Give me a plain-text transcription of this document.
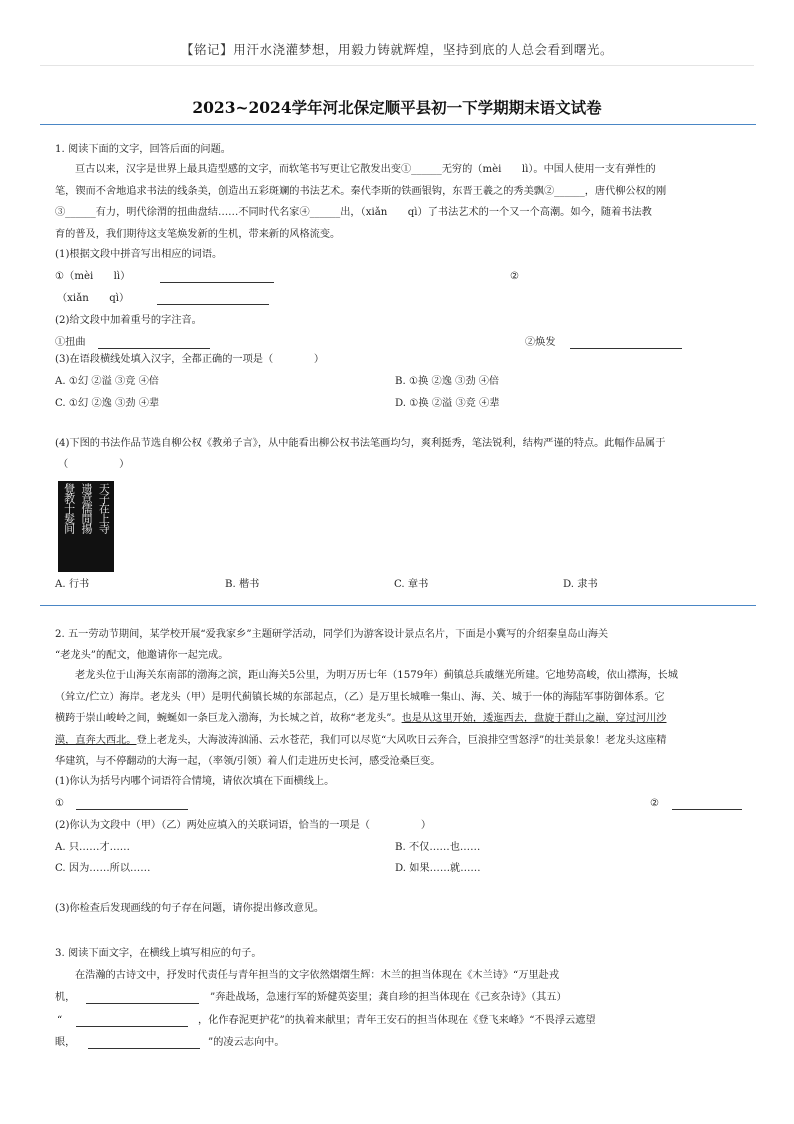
【铭记】用汗水浇灌梦想，用毅力铸就辉煌，坚持到底的人总会看到曙光。
2023~2024学年河北保定顺平县初一下学期期末语文试卷
1. 阅读下面的文字，回答后面的问题。
亘古以来，汉字是世界上最具造型感的文字，而软笔书写更让它散发出变①______无穷的（mèi　　lì）。中国人使用一支有弹性的
笔，锲而不舍地追求书法的线条美，创造出五彩斑斓的书法艺术。秦代李斯的铁画银钩，东晋王羲之的秀美飘②______，唐代柳公权的刚
③______有力，明代徐渭的扭曲盘结……不同时代名家④______出，（xiǎn　　qì）了书法艺术的一个又一个高潮。如今，随着书法教
育的普及，我们期待这支笔焕发新的生机，带来新的风格流变。
(1)根据文段中拼音写出相应的词语。
①（mèi　　lì）	②
（xiǎn　　qì）
(2)给文段中加着重号的字注音。
①扭曲	②焕发
(3)在语段横线处填入汉字，全都正确的一项是（　　　　）
A. ①幻 ②溢 ③竞 ④倍	B. ①换 ②逸 ③劲 ④倍
C. ①幻 ②逸 ③劲 ④辈	D. ①换 ②溢 ③竞 ④辈
(4)下图的书法作品节选自柳公权《教弟子言》，从中能看出柳公权书法笔画均匀，爽利挺秀，笔法锐利，结构严谨的特点。此幅作品属于
（　　　　　）
天子在上寺
遗意儒閒揚
覺教十髮间
A. 行书	B. 楷书	C. 章书	D. 隶书
2. 五一劳动节期间，某学校开展“爱我家乡”主题研学活动，同学们为游客设计景点名片，下面是小冀写的介绍秦皇岛山海关
“老龙头”的配文，他邀请你一起完成。
老龙头位于山海关东南部的渤海之滨，距山海关5公里，为明万历七年（1579年）蓟镇总兵戚继光所建。它地势高峻，依山襟海，长城
（耸立/伫立）海岸。老龙头（甲）是明代蓟镇长城的东部起点，（乙）是万里长城唯一集山、海、关、城于一体的海陆军事防御体系。它
横跨于崇山峻岭之间，蜿蜒如一条巨龙入渤海，为长城之首，故称“老龙头”。也是从这里开始，逶迤西去，盘旋于群山之巅，穿过河川沙
漠，直奔大西北。登上老龙头，大海波涛汹涌、云水苍茫，我们可以尽览“大风吹日云奔合，巨浪排空雪怒浮”的壮美景象！老龙头这座精
华建筑，与不停翻动的大海一起，（率领/引领）着人们走进历史长河，感受沧桑巨变。
(1)你认为括号内哪个词语符合情境，请依次填在下面横线上。
①	②
(2)你认为文段中（甲）（乙）两处应填入的关联词语，恰当的一项是（　　　　　）
A. 只……才……	B. 不仅……也……
C. 因为……所以……	D. 如果……就……
(3)你检查后发现画线的句子存在问题，请你提出修改意见。
3. 阅读下面文字，在横线上填写相应的句子。
在浩瀚的古诗文中，抒发时代责任与青年担当的文字依然熠熠生辉：木兰的担当体现在《木兰诗》“万里赴戎
机，	”奔赴战场，急速行军的矫健英姿里；龚自珍的担当体现在《己亥杂诗》（其五）
“	，化作春泥更护花”的执着来献里；青年王安石的担当体现在《登飞来峰》“不畏浮云遮望
眼，	”的凌云志向中。
